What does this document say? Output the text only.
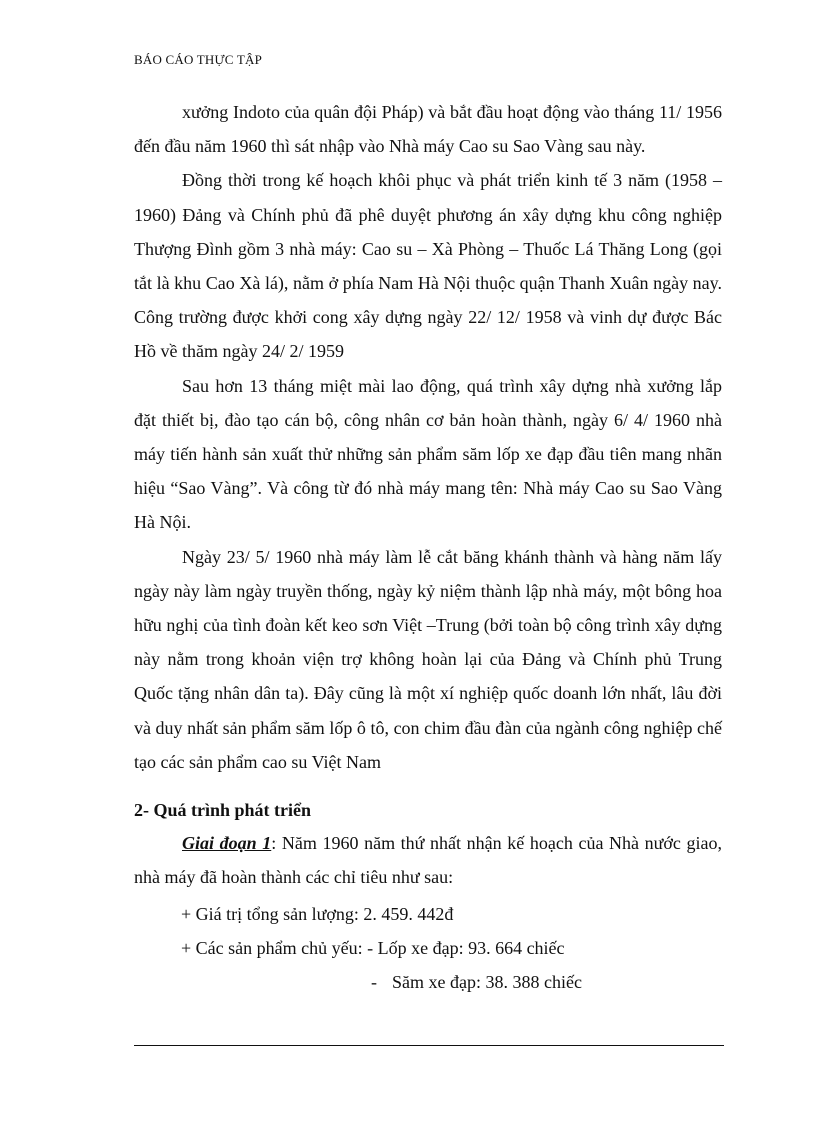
BÁO CÁO THỰC TẬP

xưởng Indoto của quân đội Pháp) và bắt đầu hoạt động vào tháng 11/ 1956 đến đầu năm 1960 thì sát nhập vào Nhà máy Cao su Sao Vàng sau này.

Đồng thời trong kế hoạch khôi phục và phát triển kinh tế 3 năm (1958 – 1960) Đảng và Chính phủ đã phê duyệt phương án xây dựng khu công nghiệp Thượng Đình gồm 3 nhà máy: Cao su – Xà Phòng – Thuốc Lá Thăng Long (gọi tắt là khu Cao Xà lá), nằm ở phía Nam Hà Nội thuộc quận Thanh Xuân ngày nay. Công trường được khởi cong xây dựng ngày 22/ 12/ 1958 và vinh dự được Bác Hồ về thăm ngày 24/ 2/ 1959

Sau hơn 13 tháng miệt mài lao động, quá trình xây dựng nhà xưởng lắp đặt thiết bị, đào tạo cán bộ, công nhân cơ bản hoàn thành, ngày 6/ 4/ 1960 nhà máy tiến hành sản xuất thử những sản phẩm săm lốp xe đạp đầu tiên mang nhãn hiệu “Sao Vàng”. Và công từ đó nhà máy mang tên: Nhà máy Cao su Sao Vàng Hà Nội.

Ngày 23/ 5/ 1960 nhà máy làm lễ cắt băng khánh thành và hàng năm lấy ngày này làm ngày truyền thống, ngày kỷ niệm thành lập nhà máy, một bông hoa hữu nghị của tình đoàn kết keo sơn Việt –Trung (bởi toàn bộ công trình xây dựng này nằm trong khoản viện trợ không hoàn lại của Đảng và Chính phủ Trung Quốc tặng nhân dân ta). Đây cũng là một xí nghiệp quốc doanh lớn nhất, lâu đời và duy nhất sản phẩm săm lốp ô tô, con chim đầu đàn của ngành công nghiệp chế tạo các sản phẩm cao su Việt Nam

2- Quá trình phát triển

Giai đoạn 1: Năm 1960 năm thứ nhất nhận kế hoạch của Nhà nước giao, nhà máy đã hoàn thành các chỉ tiêu như sau:

+ Giá trị tổng sản lượng: 2. 459. 442đ
+ Các sản phẩm chủ yếu: - Lốp xe đạp: 93. 664 chiếc
- Săm xe đạp: 38. 388 chiếc
